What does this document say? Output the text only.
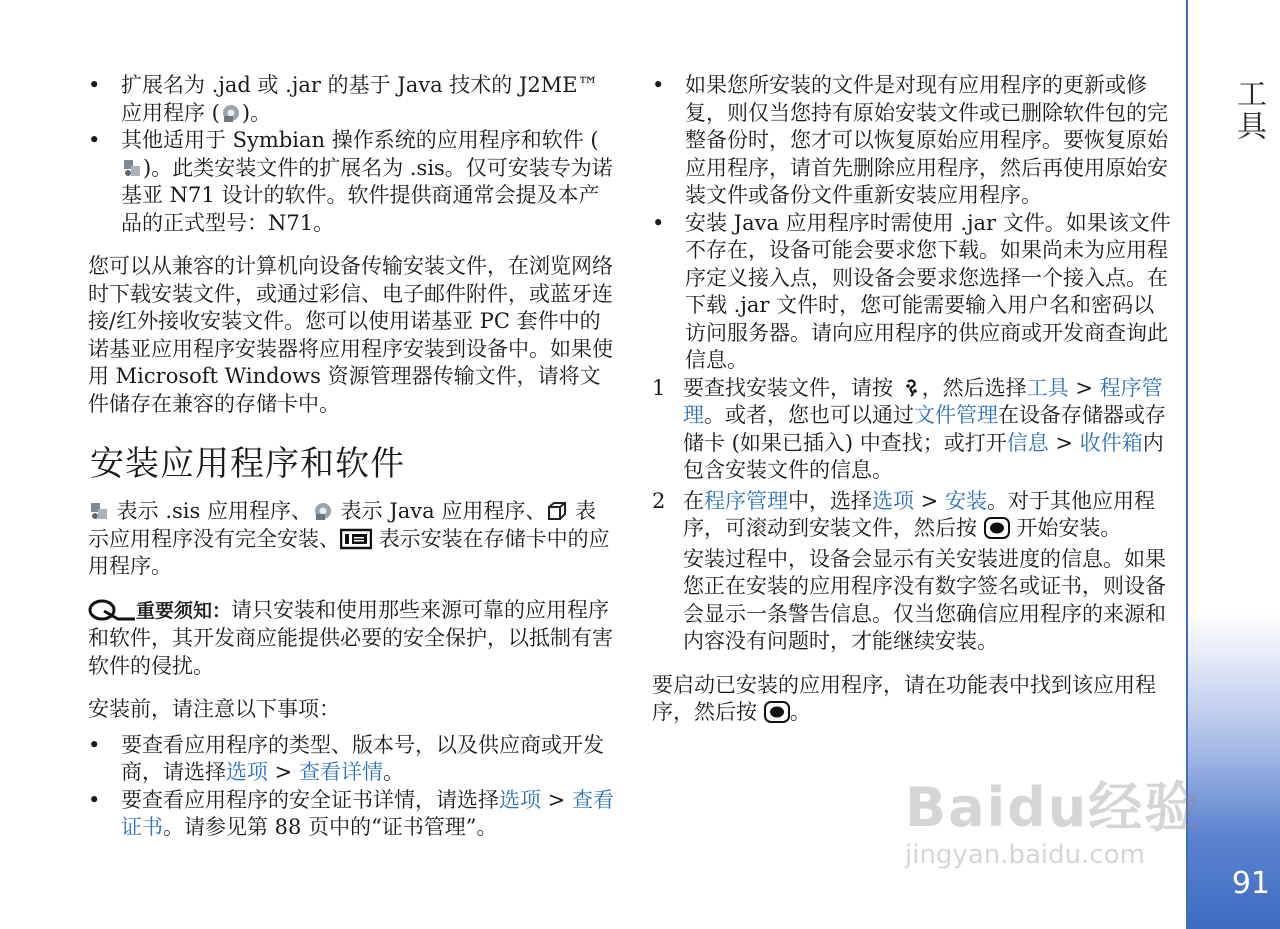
• 扩展名为 .jad 或 .jar 的基于 Java 技术的 J2ME™ 应用程序 ( )。
• 其他适用于 Symbian 操作系统的应用程序和软件 (
)。此类安装文件的扩展名为 .sis。仅可安装专为诺基亚 N71 设计的软件。软件提供商通常会提及本产品的正式型号：N71。

您可以从兼容的计算机向设备传输安装文件，在浏览网络时下载安装文件，或通过彩信、电子邮件附件，或蓝牙连接/红外接收安装文件。您可以使用诺基亚 PC 套件中的诺基亚应用程序安装器将应用程序安装到设备中。如果使用 Microsoft Windows 资源管理器传输文件，请将文件储存在兼容的存储卡中。

安装应用程序和软件

表示 .sis 应用程序、
表示 Java 应用程序、
表示应用程序没有完全安装、
表示安装在存储卡中的应用程序。

重要须知：请只安装和使用那些来源可靠的应用程序和软件，其开发商应能提供必要的安全保护，以抵制有害软件的侵扰。

安装前，请注意以下事项：

• 要查看应用程序的类型、版本号，以及供应商或开发商，请选择选项 > 查看详情。
• 要查看应用程序的安全证书详情，请选择选项 > 查看证书。请参见第 88 页中的“证书管理”。
• 如果您所安装的文件是对现有应用程序的更新或修复，则仅当您持有原始安装文件或已删除软件包的完整备份时，您才可以恢复原始应用程序。要恢复原始应用程序，请首先删除应用程序，然后再使用原始安装文件或备份文件重新安装应用程序。
• 安装 Java 应用程序时需使用 .jar 文件。如果该文件不存在，设备可能会要求您下载。如果尚未为应用程序定义接入点，则设备会要求您选择一个接入点。在下载 .jar 文件时，您可能需要输入用户名和密码以访问服务器。请向应用程序的供应商或开发商查询此信息。
1 要查找安装文件，请按
，然后选择工具 > 程序管理。或者，您也可以通过文件管理在设备存储器或存储卡 (如果已插入) 中查找；或打开信息 > 收件箱内包含安装文件的信息。
2 在程序管理中，选择选项 > 安装。对于其他应用程序，可滚动到安装文件，然后按
开始安装。

安装过程中，设备会显示有关安装进度的信息。如果您正在安装的应用程序没有数字签名或证书，则设备会显示一条警告信息。仅当您确信应用程序的来源和内容没有问题时，才能继续安装。

要启动已安装的应用程序，请在功能表中找到该应用程序，然后按
。

工具
91
Baidu经验
jingyan.baidu.com
